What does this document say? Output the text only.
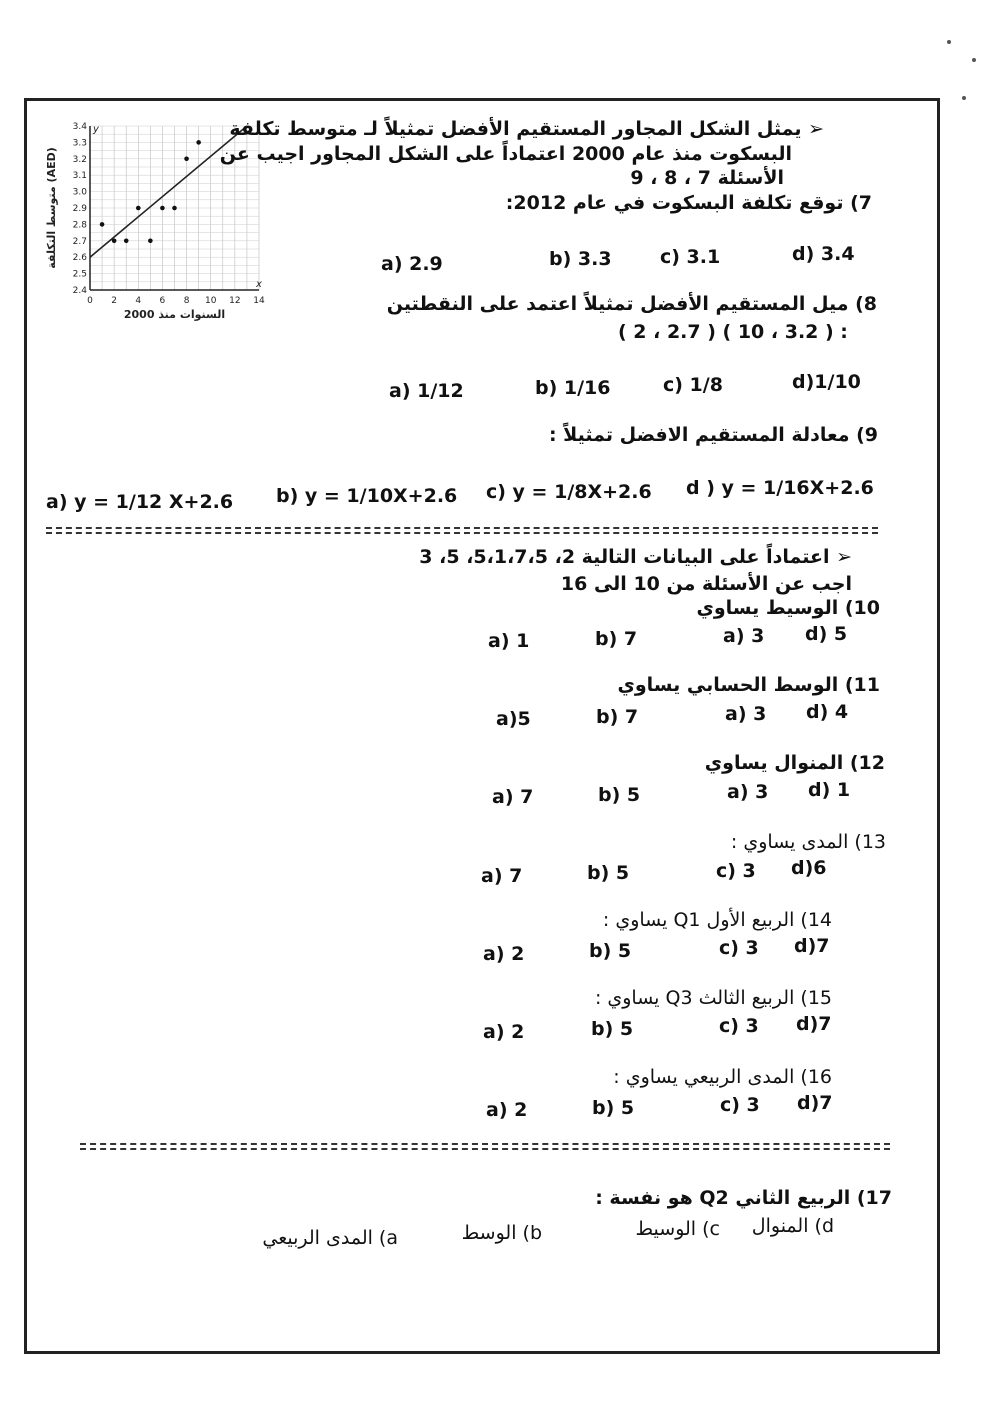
0 2 4 6 8 10 12 14
2.4
2.5
2.6
2.7
2.8
2.9
3.0
3.1
3.2
3.3
3.4
x
y
السنوات منذ 2000
متوسط التكلفة (AED)
➢ يمثل الشكل المجاور المستقيم الأفضل تمثيلاً لـ متوسط تكلفة
البسكوت منذ عام 2000 اعتماداً على الشكل المجاور اجيب عن
الأسئلة 7 ، 8 ، 9
7) توقع تكلفة البسكوت في عام 2012:
a) 2.9	b) 3.3	c) 3.1	d) 3.4
8) ميل المستقيم الأفضل تمثيلاً اعتمد على النقطتين
( 2 ، 2.7 ) ( 10 ، 3.2 ) :
a) 1/12	b) 1/16	c) 1/8	d)1/10
9) معادلة المستقيم الافضل تمثيلاً :
a) y = 1/12 X+2.6 b) y = 1/10X+2.6 c) y = 1/8X+2.6 d ) y = 1/16X+2.6
➢ اعتماداً على البيانات التالية 2، 5،1،7،5، 5، 3
اجب عن الأسئلة من 10 الى 16
10) الوسيط يساوي
a) 1	b) 7	a) 3 d) 5
11) الوسط الحسابي يساوي
a)5	b) 7	a) 3 d) 4
12) المنوال يساوي
a) 7	b) 5	a) 3 d) 1
13) المدى يساوي :
a) 7	b) 5	c) 3 d)6
14) الربيع الأول Q1 يساوي :
a) 2	b) 5	c) 3 d)7
15) الربيع الثالث Q3 يساوي :
a) 2	b) 5	c) 3 d)7
16) المدى الربيعي يساوي :
a) 2	b) 5	c) 3 d)7
17) الربيع الثاني Q2 هو نفسة :
a) المدى الربيعي	b) الوسط	c) الوسيط d) المنوال
